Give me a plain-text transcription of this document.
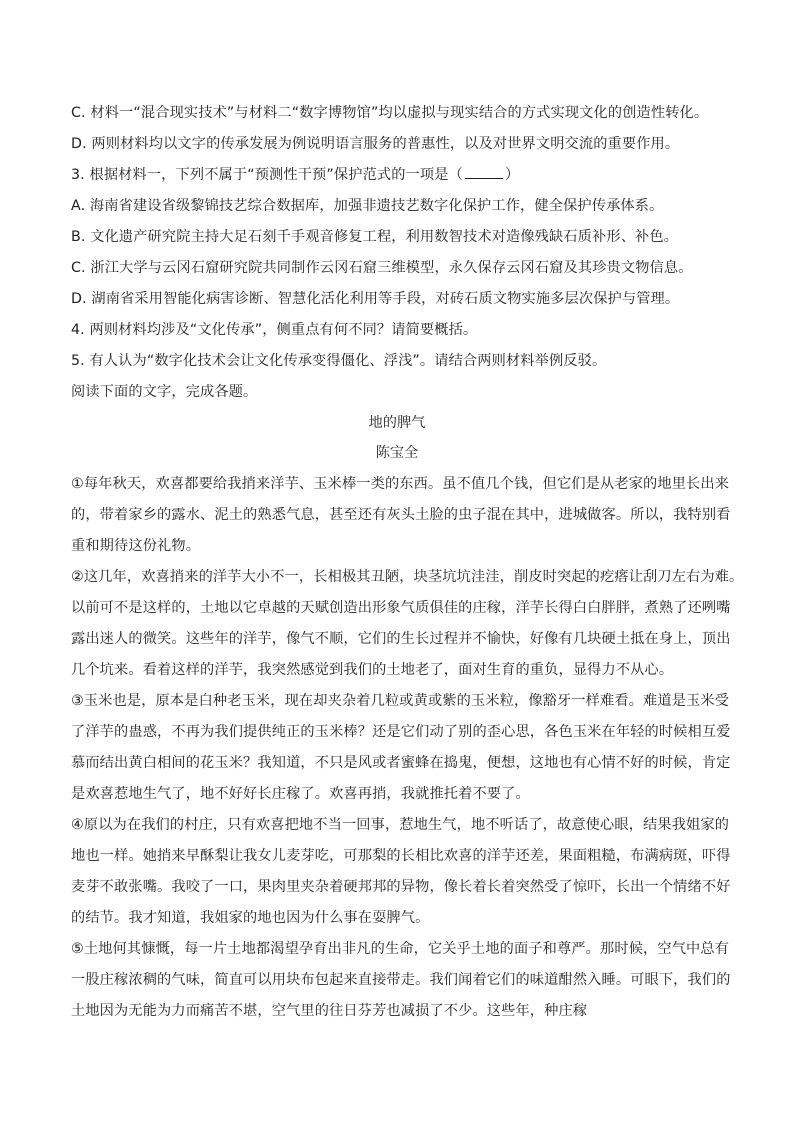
C. 材料一“混合现实技术”与材料二“数字博物馆”均以虚拟与现实结合的方式实现文化的创造性转化。
D. 两则材料均以文字的传承发展为例说明语言服务的普惠性，以及对世界文明交流的重要作用。
3. 根据材料一，下列不属于“预测性干预”保护范式的一项是（	）
A. 海南省建设省级黎锦技艺综合数据库，加强非遗技艺数字化保护工作，健全保护传承体系。
B. 文化遗产研究院主持大足石刻千手观音修复工程，利用数智技术对造像残缺石质补形、补色。
C. 浙江大学与云冈石窟研究院共同制作云冈石窟三维模型，永久保存云冈石窟及其珍贵文物信息。
D. 湖南省采用智能化病害诊断、智慧化活化利用等手段，对砖石质文物实施多层次保护与管理。
4. 两则材料均涉及“文化传承”，侧重点有何不同？请简要概括。
5. 有人认为“数字化技术会让文化传承变得僵化、浮浅”。请结合两则材料举例反驳。
阅读下面的文字，完成各题。
地的脾气
陈宝全
①每年秋天，欢喜都要给我捎来洋芋、玉米棒一类的东西。虽不值几个钱，但它们是从老家的地里长出来
的，带着家乡的露水、泥土的熟悉气息，甚至还有灰头土脸的虫子混在其中，进城做客。所以，我特别看
重和期待这份礼物。
②这几年，欢喜捎来的洋芋大小不一，长相极其丑陋，块茎坑坑洼洼，削皮时突起的疙瘩让刮刀左右为难。
以前可不是这样的，土地以它卓越的天赋创造出形象气质俱佳的庄稼，洋芋长得白白胖胖，煮熟了还咧嘴
露出迷人的微笑。这些年的洋芋，像气不顺，它们的生长过程并不愉快，好像有几块硬土抵在身上，顶出
几个坑来。看着这样的洋芋，我突然感觉到我们的土地老了，面对生育的重负，显得力不从心。
③玉米也是，原本是白种老玉米，现在却夹杂着几粒或黄或紫的玉米粒，像豁牙一样难看。难道是玉米受
了洋芋的蛊惑，不再为我们提供纯正的玉米棒？还是它们动了别的歪心思，各色玉米在年轻的时候相互爱
慕而结出黄白相间的花玉米？我知道，不只是风或者蜜蜂在捣鬼，便想，这地也有心情不好的时候，肯定
是欢喜惹地生气了，地不好好长庄稼了。欢喜再捎，我就推托着不要了。
④原以为在我们的村庄，只有欢喜把地不当一回事，惹地生气，地不听话了，故意使心眼，结果我姐家的
地也一样。她捎来早酥梨让我女儿麦芽吃，可那梨的长相比欢喜的洋芋还差，果面粗糙，布满病斑，吓得
麦芽不敢张嘴。我咬了一口，果肉里夹杂着硬邦邦的异物，像长着长着突然受了惊吓，长出一个情绪不好
的结节。我才知道，我姐家的地也因为什么事在耍脾气。
⑤土地何其慷慨，每一片土地都渴望孕育出非凡的生命，它关乎土地的面子和尊严。那时候，空气中总有
一股庄稼浓稠的气味，简直可以用块布包起来直接带走。我们闻着它们的味道酣然入睡。可眼下，我们的
土地因为无能为力而痛苦不堪，空气里的往日芬芳也减损了不少。这些年，种庄稼
